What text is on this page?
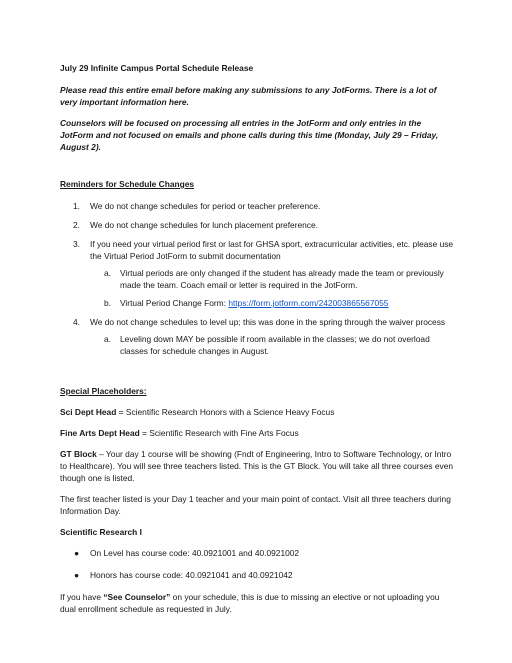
July 29 Infinite Campus Portal Schedule Release

Please read this entire email before making any submissions to any JotForms. There is a lot of very important information here.

Counselors will be focused on processing all entries in the JotForm and only entries in the JotForm and not focused on emails and phone calls during this time (Monday, July 29 – Friday, August 2).

Reminders for Schedule Changes

1. We do not change schedules for period or teacher preference.
2. We do not change schedules for lunch placement preference.
3. If you need your virtual period first or last for GHSA sport, extracurricular activities, etc. please use the Virtual Period JotForm to submit documentation
a. Virtual periods are only changed if the student has already made the team or previously made the team. Coach email or letter is required in the JotForm.
b. Virtual Period Change Form: https://form.jotform.com/242003865567055
4. We do not change schedules to level up; this was done in the spring through the waiver process
a. Leveling down MAY be possible if room available in the classes; we do not overload classes for schedule changes in August.

Special Placeholders:

Sci Dept Head = Scientific Research Honors with a Science Heavy Focus

Fine Arts Dept Head = Scientific Research with Fine Arts Focus

GT Block – Your day 1 course will be showing (Fndt of Engineering, Intro to Software Technology, or Intro to Healthcare). You will see three teachers listed. This is the GT Block. You will take all three courses even though one is listed.

The first teacher listed is your Day 1 teacher and your main point of contact. Visit all three teachers during Information Day.

Scientific Research I

● On Level has course code: 40.0921001 and 40.0921002
● Honors has course code: 40.0921041 and 40.0921042

If you have “See Counselor” on your schedule, this is due to missing an elective or not uploading you dual enrollment schedule as requested in July.
